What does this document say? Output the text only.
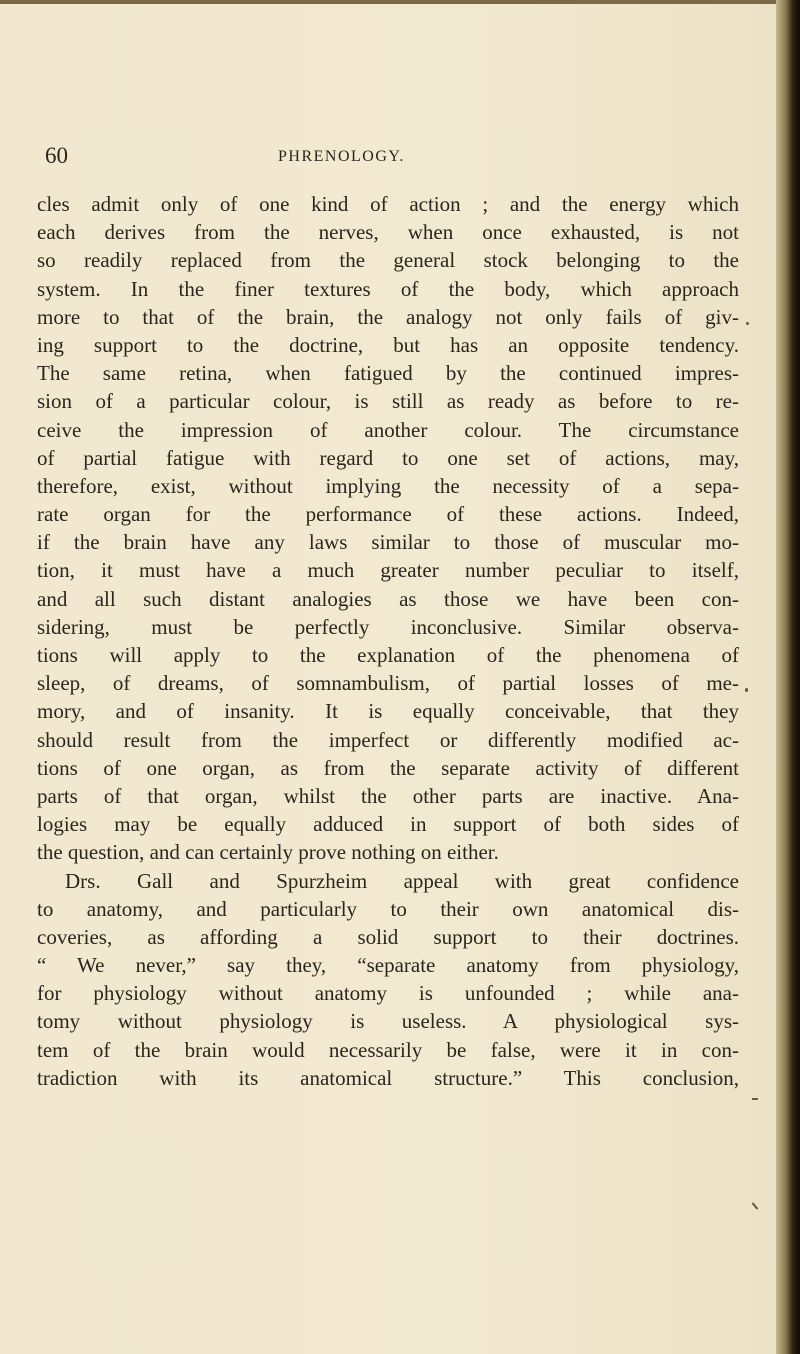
60	PHRENOLOGY.
cles admit only of one kind of action ; and the energy which
each derives from the nerves, when once exhausted, is not
so readily replaced from the general stock belonging to the
system. In the finer textures of the body, which approach
more to that of the brain, the analogy not only fails of giv-
ing support to the doctrine, but has an opposite tendency.
The same retina, when fatigued by the continued impres-
sion of a particular colour, is still as ready as before to re-
ceive the impression of another colour. The circumstance
of partial fatigue with regard to one set of actions, may,
therefore, exist, without implying the necessity of a sepa-
rate organ for the performance of these actions. Indeed,
if the brain have any laws similar to those of muscular mo-
tion, it must have a much greater number peculiar to itself,
and all such distant analogies as those we have been con-
sidering, must be perfectly inconclusive. Similar observa-
tions will apply to the explanation of the phenomena of
sleep, of dreams, of somnambulism, of partial losses of me-
mory, and of insanity. It is equally conceivable, that they
should result from the imperfect or differently modified ac-
tions of one organ, as from the separate activity of different
parts of that organ, whilst the other parts are inactive. Ana-
logies may be equally adduced in support of both sides of
the question, and can certainly prove nothing on either.
Drs. Gall and Spurzheim appeal with great confidence
to anatomy, and particularly to their own anatomical dis-
coveries, as affording a solid support to their doctrines.
“ We never,” say they, “separate anatomy from physiology,
for physiology without anatomy is unfounded ; while ana-
tomy without physiology is useless. A physiological sys-
tem of the brain would necessarily be false, were it in con-
tradiction with its anatomical structure.” This conclusion,
